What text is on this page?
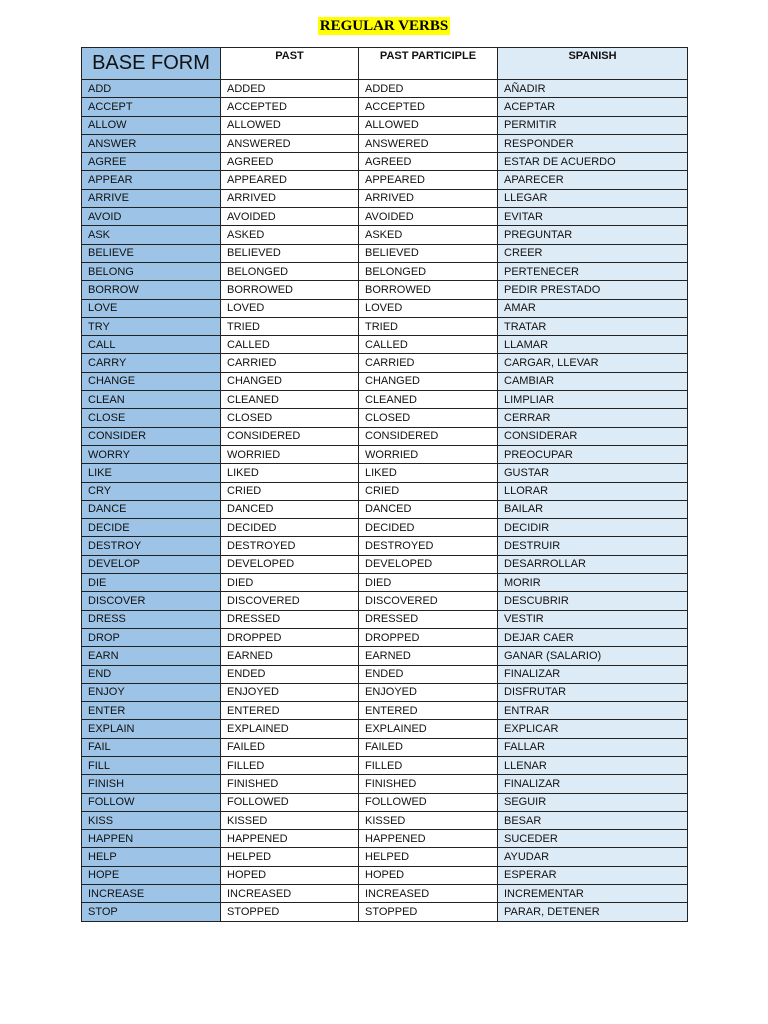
REGULAR VERBS
BASE FORM	PAST	PAST PARTICIPLE	SPANISH
ADD	ADDED	ADDED	AÑADIR
ACCEPT	ACCEPTED	ACCEPTED	ACEPTAR
ALLOW	ALLOWED	ALLOWED	PERMITIR
ANSWER	ANSWERED	ANSWERED	RESPONDER
AGREE	AGREED	AGREED	ESTAR DE ACUERDO
APPEAR	APPEARED	APPEARED	APARECER
ARRIVE	ARRIVED	ARRIVED	LLEGAR
AVOID	AVOIDED	AVOIDED	EVITAR
ASK	ASKED	ASKED	PREGUNTAR
BELIEVE	BELIEVED	BELIEVED	CREER
BELONG	BELONGED	BELONGED	PERTENECER
BORROW	BORROWED	BORROWED	PEDIR PRESTADO
LOVE	LOVED	LOVED	AMAR
TRY	TRIED	TRIED	TRATAR
CALL	CALLED	CALLED	LLAMAR
CARRY	CARRIED	CARRIED	CARGAR, LLEVAR
CHANGE	CHANGED	CHANGED	CAMBIAR
CLEAN	CLEANED	CLEANED	LIMPLIAR
CLOSE	CLOSED	CLOSED	CERRAR
CONSIDER	CONSIDERED	CONSIDERED	CONSIDERAR
WORRY	WORRIED	WORRIED	PREOCUPAR
LIKE	LIKED	LIKED	GUSTAR
CRY	CRIED	CRIED	LLORAR
DANCE	DANCED	DANCED	BAILAR
DECIDE	DECIDED	DECIDED	DECIDIR
DESTROY	DESTROYED	DESTROYED	DESTRUIR
DEVELOP	DEVELOPED	DEVELOPED	DESARROLLAR
DIE	DIED	DIED	MORIR
DISCOVER	DISCOVERED	DISCOVERED	DESCUBRIR
DRESS	DRESSED	DRESSED	VESTIR
DROP	DROPPED	DROPPED	DEJAR CAER
EARN	EARNED	EARNED	GANAR (SALARIO)
END	ENDED	ENDED	FINALIZAR
ENJOY	ENJOYED	ENJOYED	DISFRUTAR
ENTER	ENTERED	ENTERED	ENTRAR
EXPLAIN	EXPLAINED	EXPLAINED	EXPLICAR
FAIL	FAILED	FAILED	FALLAR
FILL	FILLED	FILLED	LLENAR
FINISH	FINISHED	FINISHED	FINALIZAR
FOLLOW	FOLLOWED	FOLLOWED	SEGUIR
KISS	KISSED	KISSED	BESAR
HAPPEN	HAPPENED	HAPPENED	SUCEDER
HELP	HELPED	HELPED	AYUDAR
HOPE	HOPED	HOPED	ESPERAR
INCREASE	INCREASED	INCREASED	INCREMENTAR
STOP	STOPPED	STOPPED	PARAR, DETENER
